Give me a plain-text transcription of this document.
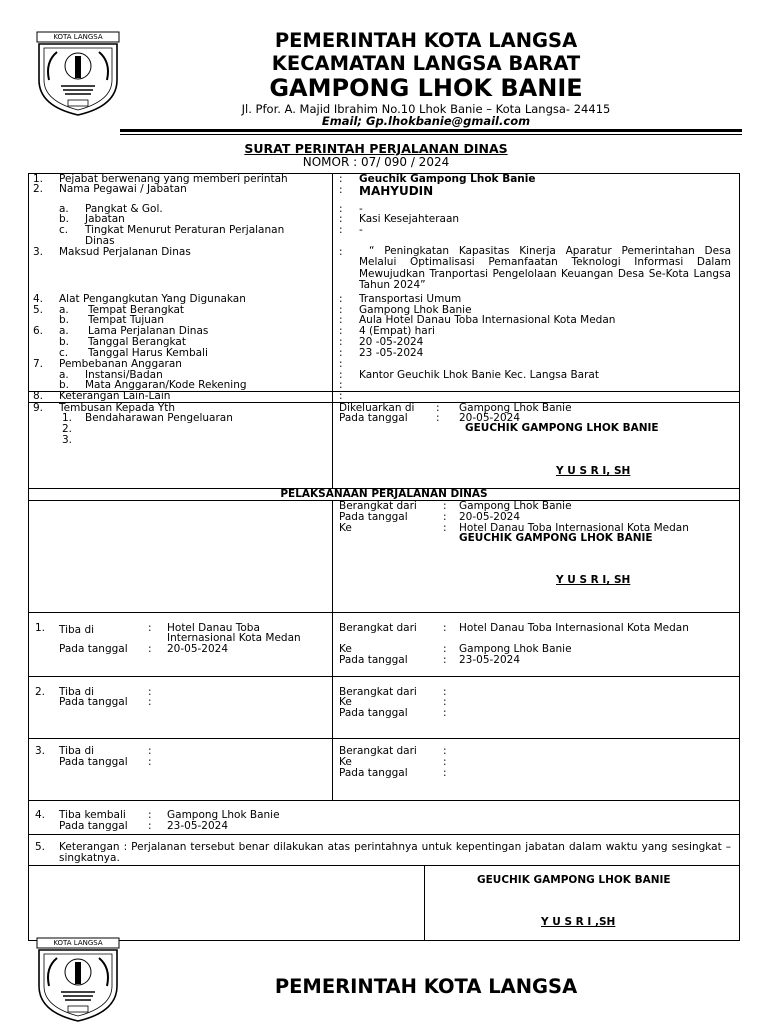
KOTA LANGSA	PEMERINTAH KOTA LANGSA
KECAMATAN LANGSA BARAT
GAMPONG LHOK BANIE
Jl. Pfor. A. Majid Ibrahim No.10 Lhok Banie – Kota Langsa- 24415
Email; Gp.lhokbanie@gmail.com
SURAT PERINTAH PERJALANAN DINAS
NOMOR : 07/ 090 / 2024
1. Pejabat berwenang yang memberi perintah	: Geuchik Gampong Lhok Banie
2. Nama Pegawai / Jabatan	: MAHYUDIN
a. Pangkat & Gol.	: -
b. Jabatan	: Kasi Kesejahteraan
c. Tingkat Menurut Peraturan Perjalanan
Dinas
: -
3. Maksud Perjalanan Dinas	:	“ Peningkatan Kapasitas Kinerja Aparatur Pemerintahan Desa Melalui Optimalisasi Pemanfaatan Teknologi Informasi Dalam Mewujudkan Tranportasi Pengelolaan Keuangan Desa Se-Kota Langsa Tahun 2024”
4. Alat Pengangkutan Yang Digunakan	: Transportasi Umum
5. a. Tempat Berangkat	: Gampong Lhok Banie
b. Tempat Tujuan	: Aula Hotel Danau Toba Internasional Kota Medan
6. a. Lama Perjalanan Dinas	: 4 (Empat) hari
b. Tanggal Berangkat	: 20 -05-2024
c. Tanggal Harus Kembali	: 23 -05-2024
7. Pembebanan Anggaran	:
a. Instansi/Badan	: Kantor Geuchik Lhok Banie Kec. Langsa Barat
b. Mata Anggaran/Kode Rekening	:
8. Keterangan Lain-Lain	:
9. Tembusan Kepada Yth
1. Bendaharawan Pengeluaran
2.
3.
Dikeluarkan di : Gampong Lhok Banie
Pada tanggal	: 20-05-2024
GEUCHIK GAMPONG LHOK BANIE
Y U S R I, SH
PELAKSANAAN PERJALANAN DINAS
Berangkat dari : Gampong Lhok Banie
Pada tanggal	: 20-05-2024
Ke	: Hotel Danau Toba Internasional Kota Medan
GEUCHIK GAMPONG LHOK BANIE
Y U S R I, SH
1. Tiba di	: Hotel Danau Toba
Internasional Kota Medan
Pada tanggal : 20-05-2024
Berangkat dari : Hotel Danau Toba Internasional Kota Medan
Ke	: Gampong Lhok Banie
Pada tanggal	: 23-05-2024
2. Tiba di	:
Pada tanggal :
Berangkat dari :
Ke	:
Pada tanggal	:
3. Tiba di	:
Pada tanggal :
Berangkat dari :
Ke	:
Pada tanggal	:
4. Tiba kembali : Gampong Lhok Banie
Pada tanggal : 23-05-2024
5. Keterangan : Perjalanan tersebut benar dilakukan atas perintahnya untuk kepentingan jabatan dalam waktu yang sesingkat – singkatnya.
GEUCHIK GAMPONG LHOK BANIE
Y U S R I ,SH
KOTA LANGSA
PEMERINTAH KOTA LANGSA
